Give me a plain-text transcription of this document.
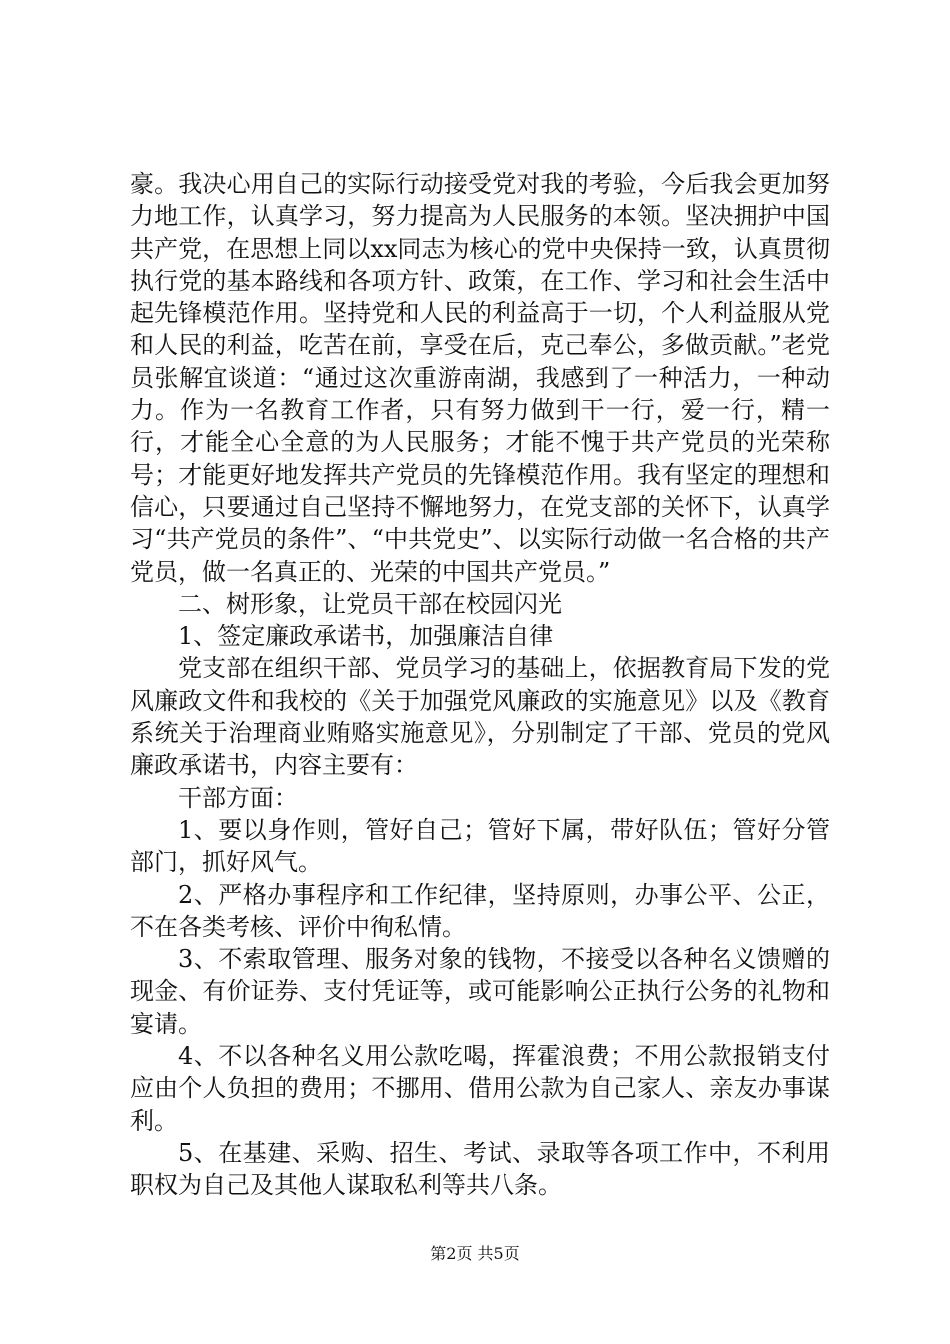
豪。我决心用自己的实际行动接受党对我的考验，今后我会更加努力地工作，认真学习，努力提高为人民服务的本领。坚决拥护中国共产党，在思想上同以xx同志为核心的党中央保持一致，认真贯彻执行党的基本路线和各项方针、政策，在工作、学习和社会生活中起先锋模范作用。坚持党和人民的利益高于一切，个人利益服从党和人民的利益，吃苦在前，享受在后，克己奉公，多做贡献。”老党员张解宜谈道：“通过这次重游南湖，我感到了一种活力，一种动力。作为一名教育工作者，只有努力做到干一行，爱一行，精一行，才能全心全意的为人民服务；才能不愧于共产党员的光荣称号；才能更好地发挥共产党员的先锋模范作用。我有坚定的理想和信心，只要通过自己坚持不懈地努力，在党支部的关怀下，认真学习“共产党员的条件”、“中共党史”、以实际行动做一名合格的共产党员，做一名真正的、光荣的中国共产党员。”

二、树形象，让党员干部在校园闪光

1、签定廉政承诺书，加强廉洁自律

党支部在组织干部、党员学习的基础上，依据教育局下发的党风廉政文件和我校的《关于加强党风廉政的实施意见》以及《教育系统关于治理商业贿赂实施意见》，分别制定了干部、党员的党风廉政承诺书，内容主要有：

干部方面：

1、要以身作则，管好自己；管好下属，带好队伍；管好分管部门，抓好风气。

2、严格办事程序和工作纪律，坚持原则，办事公平、公正，不在各类考核、评价中徇私情。

3、不索取管理、服务对象的钱物，不接受以各种名义馈赠的现金、有价证券、支付凭证等，或可能影响公正执行公务的礼物和宴请。

4、不以各种名义用公款吃喝，挥霍浪费；不用公款报销支付应由个人负担的费用；不挪用、借用公款为自己家人、亲友办事谋利。

5、在基建、采购、招生、考试、录取等各项工作中，不利用职权为自己及其他人谋取私利等共八条。

第2页 共5页
